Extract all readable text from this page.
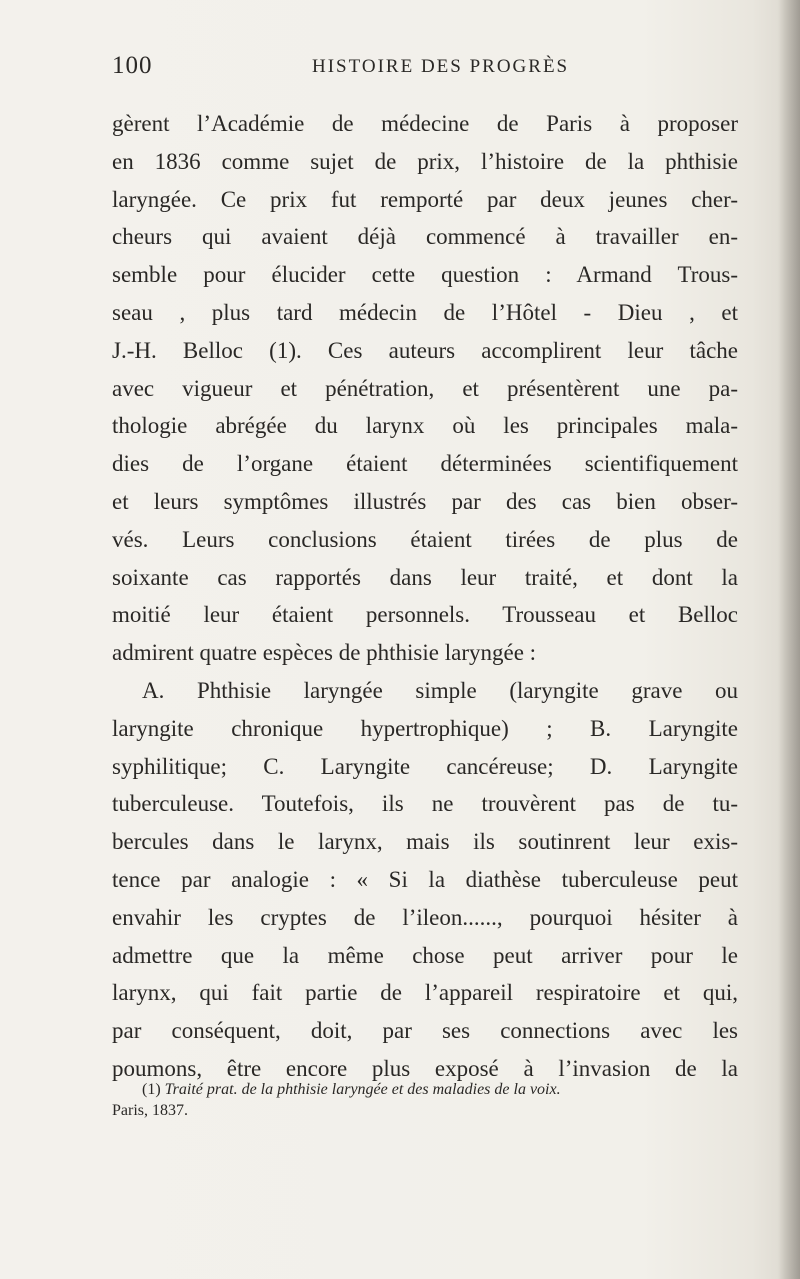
100	HISTOIRE DES PROGRÈS
gèrent l’Académie de médecine de Paris à proposer
en 1836 comme sujet de prix, l’histoire de la phthisie
laryngée. Ce prix fut remporté par deux jeunes cher-
cheurs qui avaient déjà commencé à travailler en-
semble pour élucider cette question : Armand Trous-
seau , plus tard médecin de l’Hôtel - Dieu , et
J.-H. Belloc (1). Ces auteurs accomplirent leur tâche
avec vigueur et pénétration, et présentèrent une pa-
thologie abrégée du larynx où les principales mala-
dies de l’organe étaient déterminées scientifiquement
et leurs symptômes illustrés par des cas bien obser-
vés. Leurs conclusions étaient tirées de plus de
soixante cas rapportés dans leur traité, et dont la
moitié leur étaient personnels. Trousseau et Belloc
admirent quatre espèces de phthisie laryngée :
A. Phthisie laryngée simple (laryngite grave ou
laryngite chronique hypertrophique) ; B. Laryngite
syphilitique; C. Laryngite cancéreuse; D. Laryngite
tuberculeuse. Toutefois, ils ne trouvèrent pas de tu-
bercules dans le larynx, mais ils soutinrent leur exis-
tence par analogie : « Si la diathèse tuberculeuse peut
envahir les cryptes de l’ileon......, pourquoi hésiter à
admettre que la même chose peut arriver pour le
larynx, qui fait partie de l’appareil respiratoire et qui,
par conséquent, doit, par ses connections avec les
poumons, être encore plus exposé à l’invasion de la
(1) Traité prat. de la phthisie laryngée et des maladies de la voix.
Paris, 1837.
